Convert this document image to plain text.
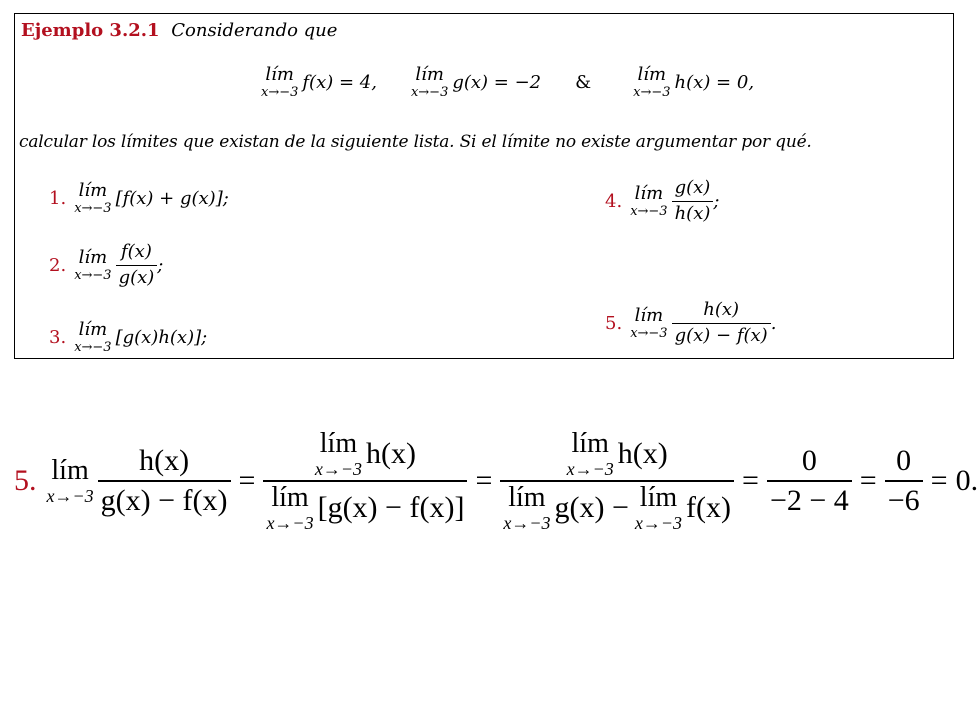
Ejemplo 3.2.1 Considerando que
lím
x→−3 f(x) = 4, lím
x→−3 g(x) = −2 &	lím
x→−3 h(x) = 0,
calcular los límites que existan de la siguiente lista. Si el límite no existe argumentar por qué.
1. lím
x→−3 [f(x) + g(x)];
2. lím
$x\to-3 \frac{f(x)}{g(x)}$ ;
3. lím
x→−3 [g(x)h(x)];
4. lím
$x\to-3 \frac{g(x)}{h(x)}$ ;
5. lím
$x\to-3 \frac{h(x)}{g(x) - f(x)}$ .
5. lím
$x\to-3 \frac{h(x)}{g(x) - f(x)}$ = lím
x→−3 h(x)
lím
x→−3 [g(x) − f(x)] = lím
x→−3 h(x)
lím
x→−3 g(x) − lím
x→−3 $f(x) = \frac{0}{-2 - 4} = \frac{0}{-6} = 0$.
